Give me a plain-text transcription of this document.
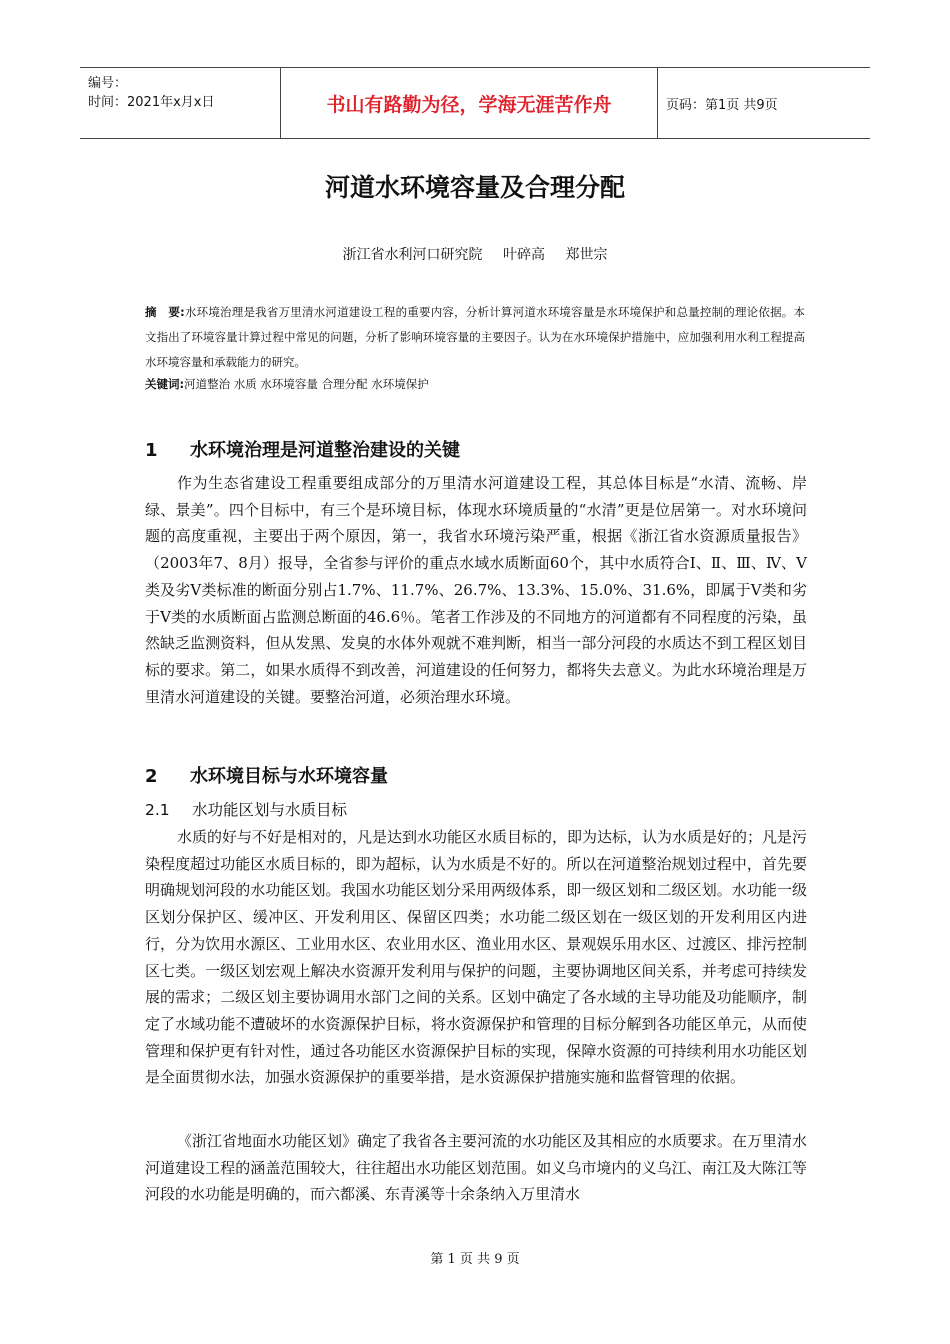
编号：
时间：2021年x月x日	书山有路勤为径，学海无涯苦作舟	页码：第1页 共9页
河道水环境容量及合理分配
浙江省水利河口研究院 叶碎高 郑世宗
摘　要:水环境治理是我省万里清水河道建设工程的重要内容，分析计算河道水环境容量是水环境保护和总量控制的理论依据。本文指出了环境容量计算过程中常见的问题，分析了影响环境容量的主要因子。认为在水环境保护措施中，应加强利用水利工程提高水环境容量和承载能力的研究。
关键词:河道整治 水质 水环境容量 合理分配 水环境保护
1 水环境治理是河道整治建设的关键

作为生态省建设工程重要组成部分的万里清水河道建设工程，其总体目标是“水清、流畅、岸绿、景美”。四个目标中，有三个是环境目标，体现水环境质量的“水清”更是位居第一。对水环境问题的高度重视，主要出于两个原因，第一，我省水环境污染严重，根据《浙江省水资源质量报告》（2003年7、8月）报导，全省参与评价的重点水域水质断面60个，其中水质符合Ⅰ、Ⅱ、Ⅲ、Ⅳ、Ⅴ类及劣Ⅴ类标准的断面分别占1.7%、11.7%、26.7%、13.3%、15.0%、31.6%，即属于Ⅴ类和劣于Ⅴ类的水质断面占监测总断面的46.6％。笔者工作涉及的不同地方的河道都有不同程度的污染，虽然缺乏监测资料，但从发黑、发臭的水体外观就不难判断，相当一部分河段的水质达不到工程区划目标的要求。第二，如果水质得不到改善，河道建设的任何努力，都将失去意义。为此水环境治理是万里清水河道建设的关键。要整治河道，必须治理水环境。

2 水环境目标与水环境容量
2.1 水功能区划与水质目标

水质的好与不好是相对的，凡是达到水功能区水质目标的，即为达标，认为水质是好的；凡是污染程度超过功能区水质目标的，即为超标，认为水质是不好的。所以在河道整治规划过程中，首先要明确规划河段的水功能区划。我国水功能区划分采用两级体系，即一级区划和二级区划。水功能一级区划分保护区、缓冲区、开发利用区、保留区四类；水功能二级区划在一级区划的开发利用区内进行，分为饮用水源区、工业用水区、农业用水区、渔业用水区、景观娱乐用水区、过渡区、排污控制区七类。一级区划宏观上解决水资源开发利用与保护的问题，主要协调地区间关系，并考虑可持续发展的需求；二级区划主要协调用水部门之间的关系。区划中确定了各水域的主导功能及功能顺序，制定了水域功能不遭破坏的水资源保护目标，将水资源保护和管理的目标分解到各功能区单元，从而使管理和保护更有针对性，通过各功能区水资源保护目标的实现，保障水资源的可持续利用水功能区划是全面贯彻水法，加强水资源保护的重要举措，是水资源保护措施实施和监督管理的依据。

《浙江省地面水功能区划》确定了我省各主要河流的水功能区及其相应的水质要求。在万里清水河道建设工程的涵盖范围较大，往往超出水功能区划范围。如义乌市境内的义乌江、南江及大陈江等河段的水功能是明确的，而六都溪、东青溪等十余条纳入万里清水

第 1 页 共 9 页
